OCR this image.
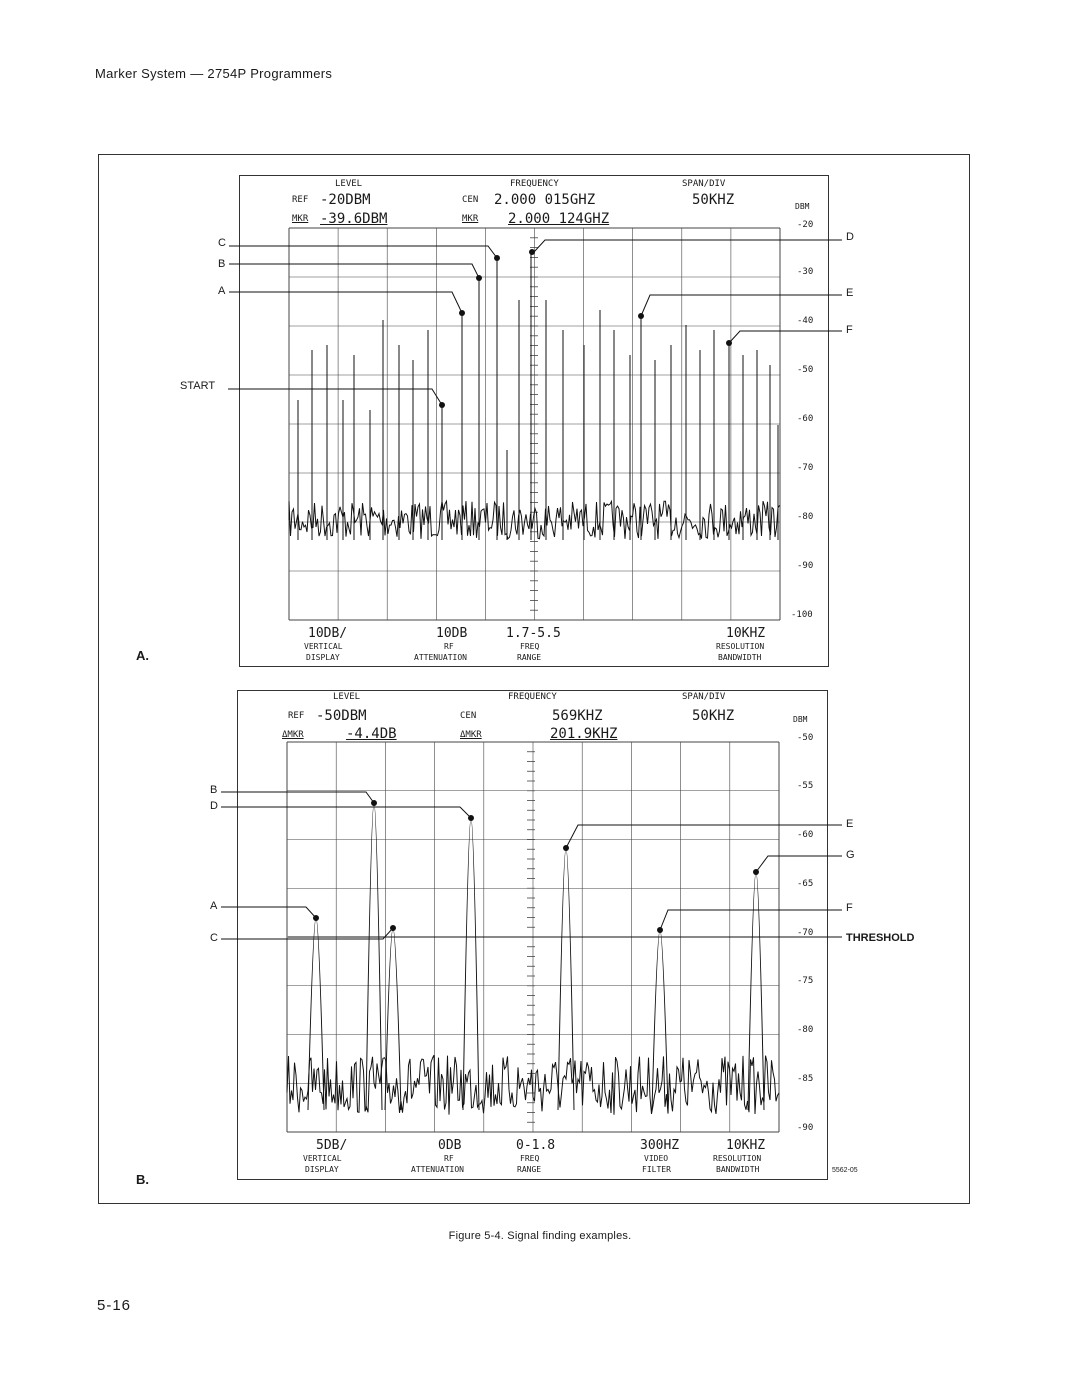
Marker System — 2754P Programmers
A.
LEVEL	FREQUENCY	SPAN/DIV
REF -20DBM	CEN 2.000 015GHZ	50KHZ
MKR -39.6DBM	MKR 2.000 124GHZ
DBM
-20
-30
-40
-50
-60
-70
-80
-90
-100
10DB/
VERTICAL
DISPLAY
10DB
RF
ATTENUATION
1.7-5.5
FREQ
RANGE
10KHZ
RESOLUTION
BANDWIDTH
C
B
A
START
D
E
F
B.
LEVEL	FREQUENCY	SPAN/DIV
REF -50DBM	CEN	569KHZ	50KHZ
ΔMKR	-4.4DB	ΔMKR	201.9KHZ
DBM
-50
-55
-60
-65
-70
-75
-80
-85
-90
5DB/
VERTICAL
DISPLAY
0DB
RF
ATTENUATION
0-1.8
FREQ
RANGE
300HZ
VIDEO
FILTER
10KHZ
RESOLUTION
BANDWIDTH
B
D
A
C
E
G
F
THRESHOLD
5562-05
Figure 5-4. Signal finding examples.
5-16
